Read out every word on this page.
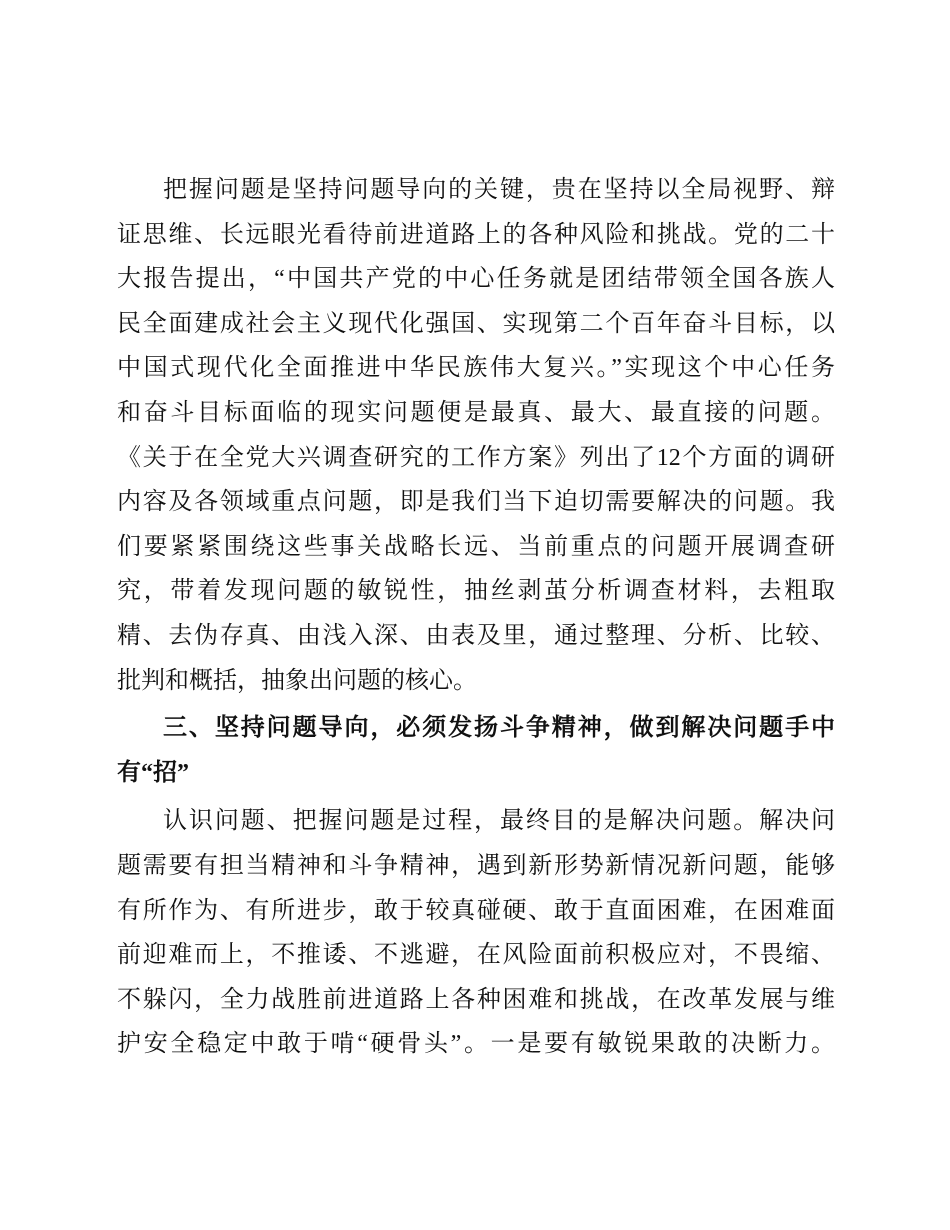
把握问题是坚持问题导向的关键，贵在坚持以全局视野、辩
证思维、长远眼光看待前进道路上的各种风险和挑战。党的二十
大报告提出，“中国共产党的中心任务就是团结带领全国各族人
民全面建成社会主义现代化强国、实现第二个百年奋斗目标，以
中国式现代化全面推进中华民族伟大复兴。”实现这个中心任务
和奋斗目标面临的现实问题便是最真、最大、最直接的问题。
《关于在全党大兴调查研究的工作方案》列出了12个方面的调研
内容及各领域重点问题，即是我们当下迫切需要解决的问题。我
们要紧紧围绕这些事关战略长远、当前重点的问题开展调查研
究，带着发现问题的敏锐性，抽丝剥茧分析调查材料，去粗取
精、去伪存真、由浅入深、由表及里，通过整理、分析、比较、
批判和概括，抽象出问题的核心。
三、坚持问题导向，必须发扬斗争精神，做到解决问题手中
有“招”
认识问题、把握问题是过程，最终目的是解决问题。解决问
题需要有担当精神和斗争精神，遇到新形势新情况新问题，能够
有所作为、有所进步，敢于较真碰硬、敢于直面困难，在困难面
前迎难而上，不推诿、不逃避，在风险面前积极应对，不畏缩、
不躲闪，全力战胜前进道路上各种困难和挑战，在改革发展与维
护安全稳定中敢于啃“硬骨头”。一是要有敏锐果敢的决断力。
